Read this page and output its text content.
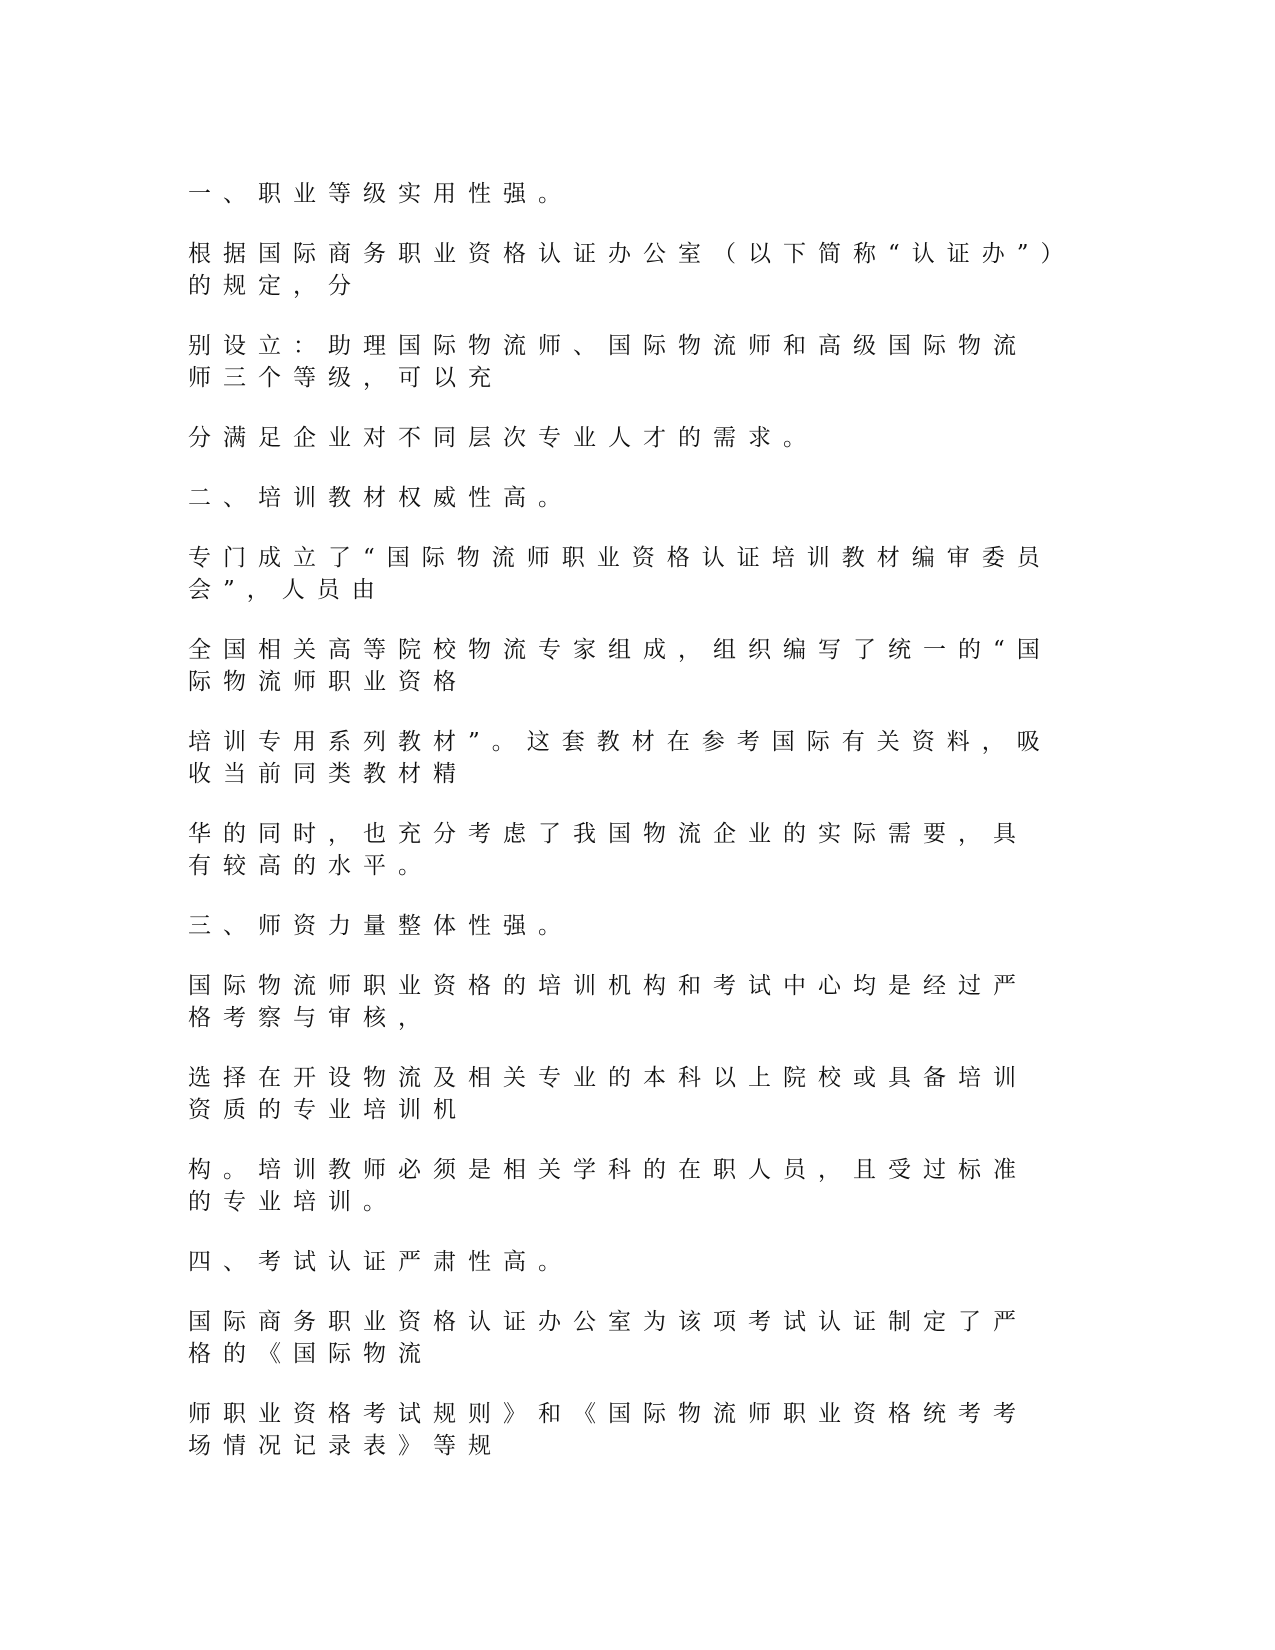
一、职业等级实用性强。

根据国际商务职业资格认证办公室（以下简称“认证办”）
的规定，分

别设立：助理国际物流师、国际物流师和高级国际物流
师三个等级，可以充

分满足企业对不同层次专业人才的需求。

二、培训教材权威性高。

专门成立了“国际物流师职业资格认证培训教材编审委员
会”，人员由

全国相关高等院校物流专家组成，组织编写了统一的“国
际物流师职业资格

培训专用系列教材”。这套教材在参考国际有关资料，吸
收当前同类教材精

华的同时，也充分考虑了我国物流企业的实际需要，具
有较高的水平。

三、师资力量整体性强。

国际物流师职业资格的培训机构和考试中心均是经过严
格考察与审核，

选择在开设物流及相关专业的本科以上院校或具备培训
资质的专业培训机

构。培训教师必须是相关学科的在职人员，且受过标准
的专业培训。

四、考试认证严肃性高。

国际商务职业资格认证办公室为该项考试认证制定了严
格的《国际物流

师职业资格考试规则》和《国际物流师职业资格统考考
场情况记录表》等规
